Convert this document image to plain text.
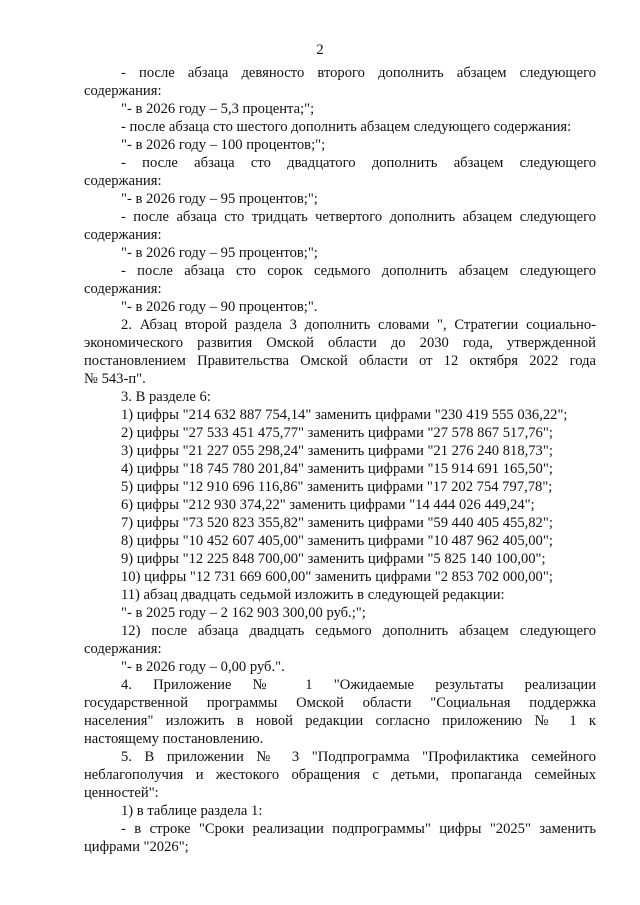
2
- после абзаца девяносто второго дополнить абзацем следующего
содержания:
"- в 2026 году – 5,3 процента;";
- после абзаца сто шестого дополнить абзацем следующего содержания:
"- в 2026 году – 100 процентов;";
- после абзаца сто двадцатого дополнить абзацем следующего
содержания:
"- в 2026 году – 95 процентов;";
- после абзаца сто тридцать четвертого дополнить абзацем следующего
содержания:
"- в 2026 году – 95 процентов;";
- после абзаца сто сорок седьмого дополнить абзацем следующего
содержания:
"- в 2026 году – 90 процентов;".
2. Абзац второй раздела 3 дополнить словами ", Стратегии социально-
экономического развития Омской области до 2030 года, утвержденной
постановлением Правительства Омской области от 12 октября 2022 года
№ 543-п".
3. В разделе 6:
1) цифры "214 632 887 754,14" заменить цифрами "230 419 555 036,22";
2) цифры "27 533 451 475,77" заменить цифрами "27 578 867 517,76";
3) цифры "21 227 055 298,24" заменить цифрами "21 276 240 818,73";
4) цифры "18 745 780 201,84" заменить цифрами "15 914 691 165,50";
5) цифры "12 910 696 116,86" заменить цифрами "17 202 754 797,78";
6) цифры "212 930 374,22" заменить цифрами "14 444 026 449,24";
7) цифры "73 520 823 355,82" заменить цифрами "59 440 405 455,82";
8) цифры "10 452 607 405,00" заменить цифрами "10 487 962 405,00";
9) цифры "12 225 848 700,00" заменить цифрами "5 825 140 100,00";
10) цифры "12 731 669 600,00" заменить цифрами "2 853 702 000,00";
11) абзац двадцать седьмой изложить в следующей редакции:
"- в 2025 году – 2 162 903 300,00 руб.;";
12) после абзаца двадцать седьмого дополнить абзацем следующего
содержания:
"- в 2026 году – 0,00 руб.".
4. Приложение № 1 "Ожидаемые результаты реализации
государственной программы Омской области "Социальная поддержка
населения" изложить в новой редакции согласно приложению № 1 к
настоящему постановлению.
5. В приложении № 3 "Подпрограмма "Профилактика семейного
неблагополучия и жестокого обращения с детьми, пропаганда семейных
ценностей":
1) в таблице раздела 1:
- в строке "Сроки реализации подпрограммы" цифры "2025" заменить
цифрами "2026";
